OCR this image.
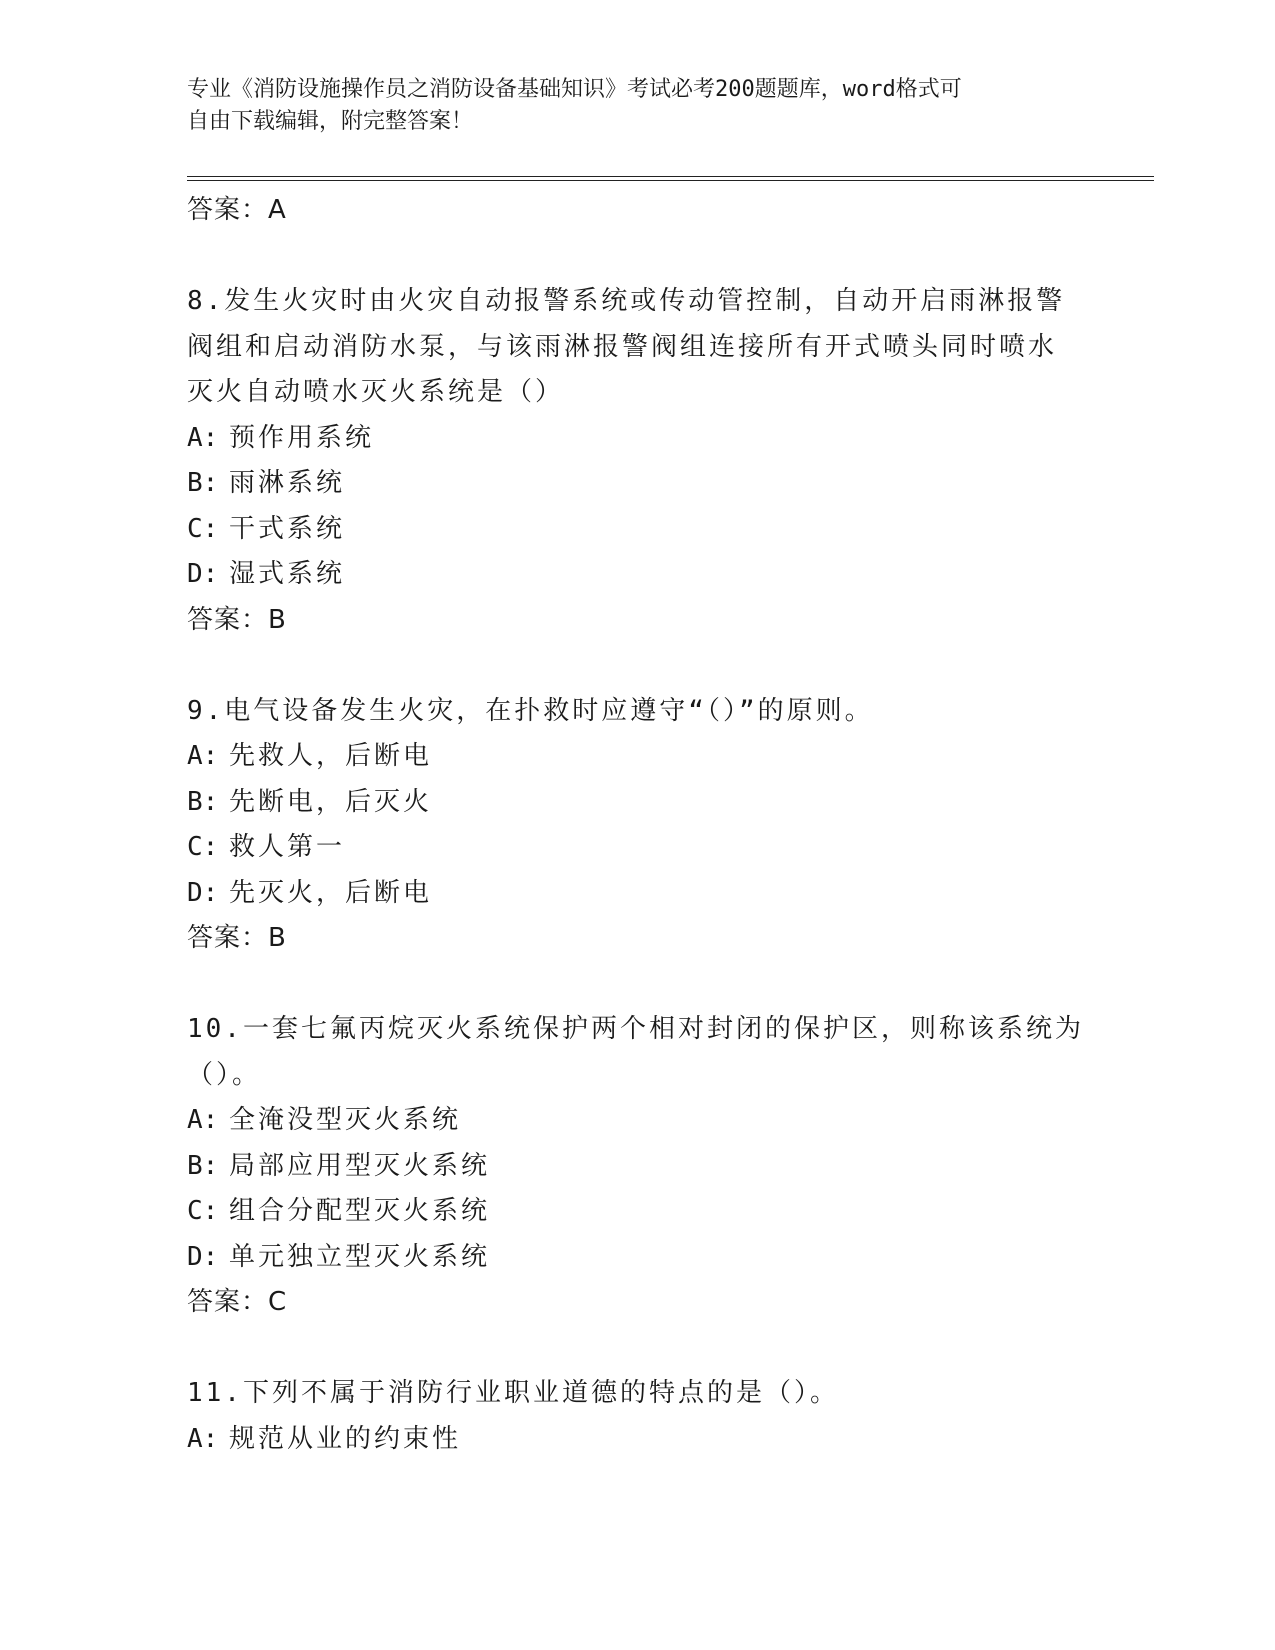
专业《消防设施操作员之消防设备基础知识》考试必考200题题库，word格式可
自由下载编辑，附完整答案！
答案：A
8.发生火灾时由火灾自动报警系统或传动管控制，自动开启雨淋报警
阀组和启动消防水泵，与该雨淋报警阀组连接所有开式喷头同时喷水
灭火自动喷水灭火系统是（）
A: 预作用系统
B: 雨淋系统
C: 干式系统
D: 湿式系统
答案：B
9.电气设备发生火灾，在扑救时应遵守“（）”的原则。
A: 先救人，后断电
B: 先断电，后灭火
C: 救人第一
D: 先灭火，后断电
答案：B
10.一套七氟丙烷灭火系统保护两个相对封闭的保护区，则称该系统为
（）。
A: 全淹没型灭火系统
B: 局部应用型灭火系统
C: 组合分配型灭火系统
D: 单元独立型灭火系统
答案：C
11.下列不属于消防行业职业道德的特点的是（）。
A: 规范从业的约束性
